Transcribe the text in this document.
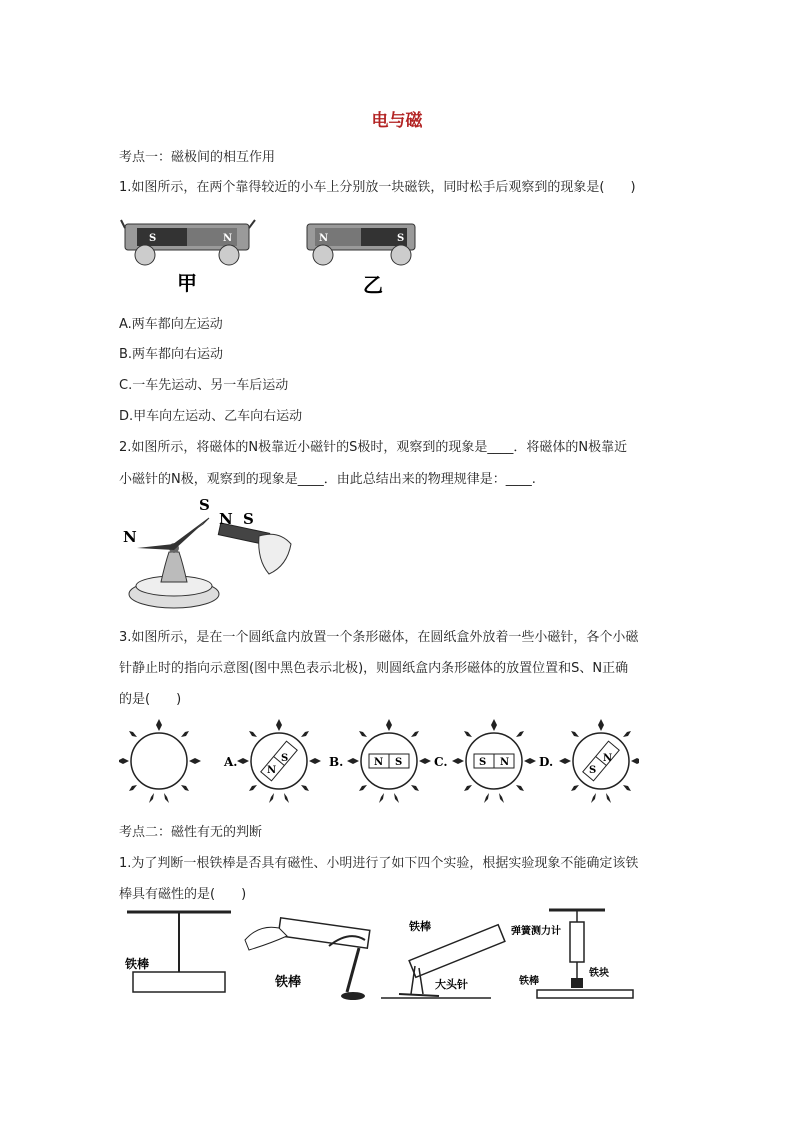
电与磁
考点一：磁极间的相互作用
1.如图所示，在两个靠得较近的小车上分别放一块磁铁，同时松手后观察到的现象是(　　)
S	N
甲
N	S
乙
A.两车都向左运动
B.两车都向右运动
C.一车先运动、另一车后运动
D.甲车向左运动、乙车向右运动
2.如图所示，将磁体的N极靠近小磁针的S极时，观察到的现象是____．将磁体的N极靠近
小磁针的N极，观察到的现象是____．由此总结出来的物理规律是：____.
N
S
N S
3.如图所示，是在一个圆纸盒内放置一个条形磁体，在圆纸盒外放着一些小磁针，各个小磁
针静止时的指向示意图(图中黑色表示北极)，则圆纸盒内条形磁体的放置位置和S、N正确
的是(　　)
N
S
A.	N S
B.	S N
C.
S
N
D.
考点二：磁性有无的判断
1.为了判断一根铁棒是否具有磁性、小明进行了如下四个实验，根据实验现象不能确定该铁
棒具有磁性的是(　　)
铁棒
铁棒
铁棒
大头针
弹簧测力计
铁棒
铁块
